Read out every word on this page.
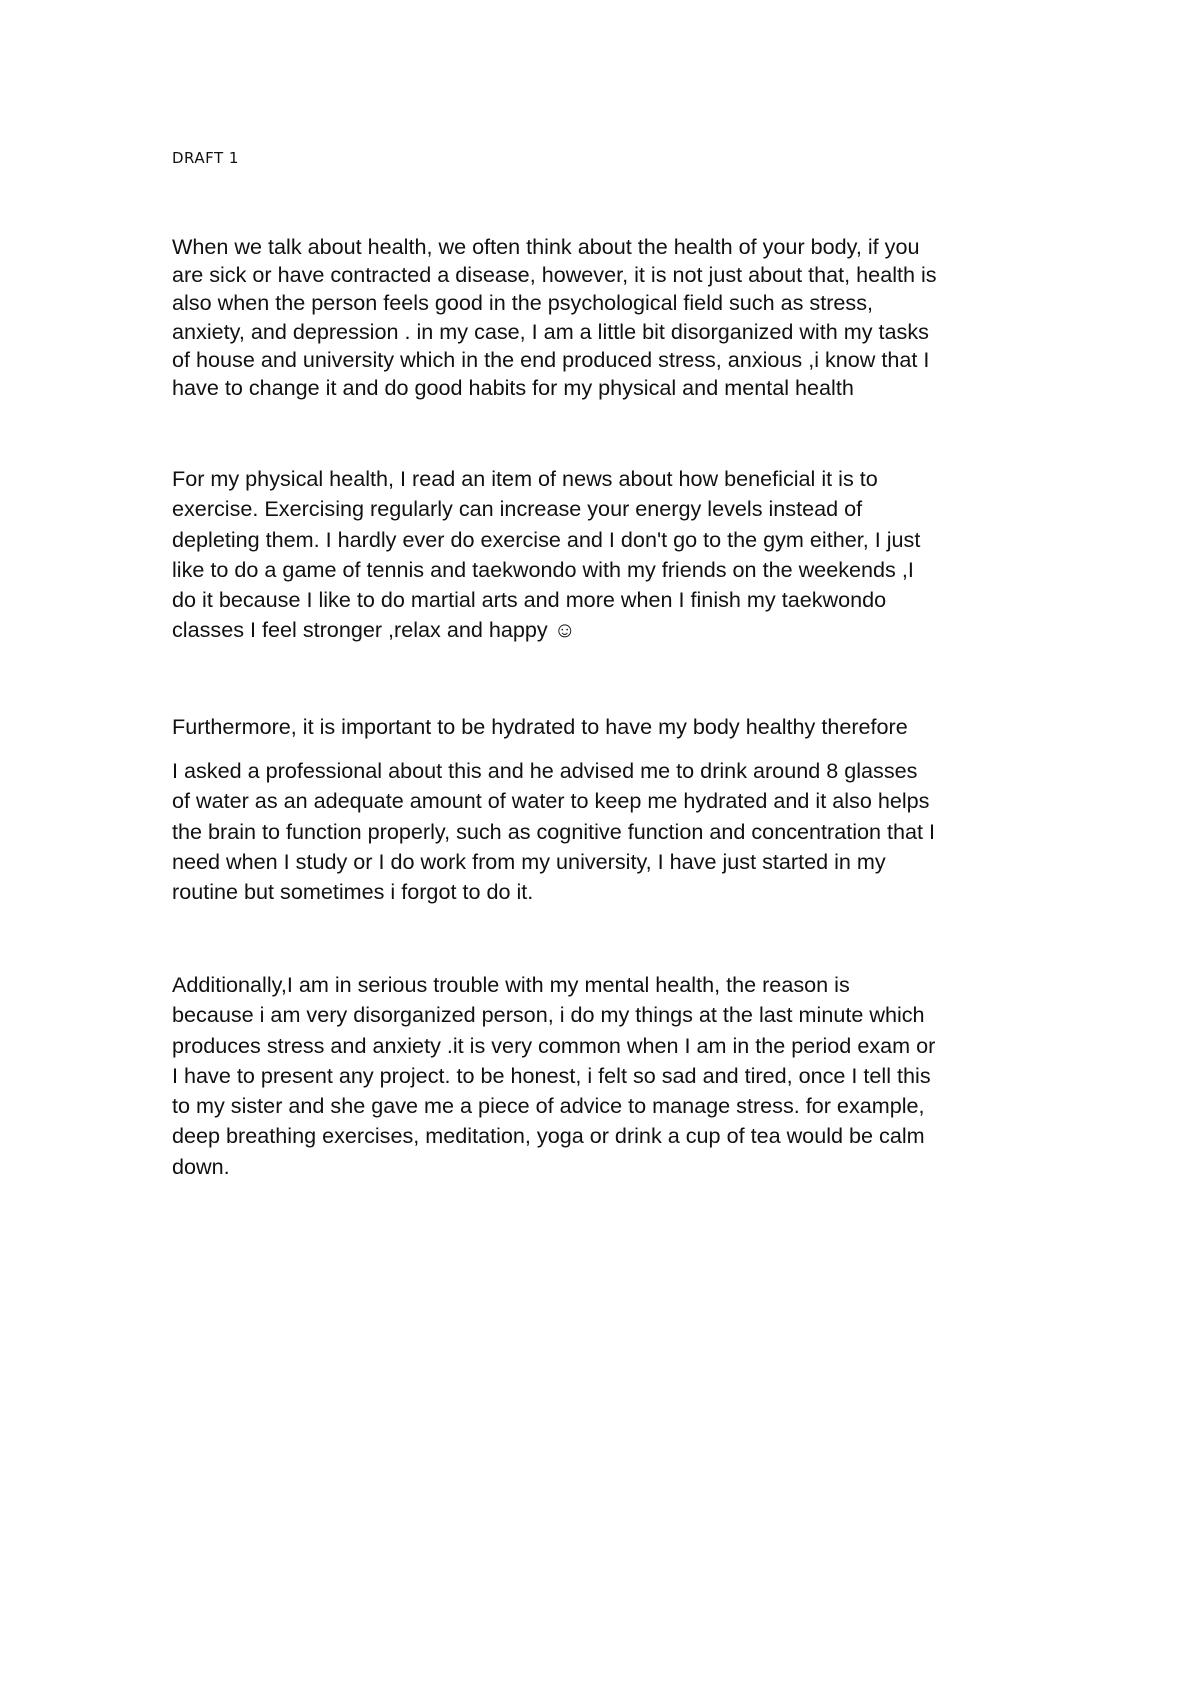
DRAFT 1

When we talk about health, we often think about the health of your body, if you
are sick or have contracted a disease, however, it is not just about that, health is
also when the person feels good in the psychological field such as stress,
anxiety, and depression . in my case, I am a little bit disorganized with my tasks
of house and university which in the end produced stress, anxious ,i know that I
have to change it and do good habits for my physical and mental health

For my physical health, I read an item of news about how beneficial it is to
exercise. Exercising regularly can increase your energy levels instead of
depleting them. I hardly ever do exercise and I don't go to the gym either, I just
like to do a game of tennis and taekwondo with my friends on the weekends ,I
do it because I like to do martial arts and more when I finish my taekwondo
classes I feel stronger ,relax and happy ☺

Furthermore, it is important to be hydrated to have my body healthy therefore

I asked a professional about this and he advised me to drink around 8 glasses
of water as an adequate amount of water to keep me hydrated and it also helps
the brain to function properly, such as cognitive function and concentration that I
need when I study or I do work from my university, I have just started in my
routine but sometimes i forgot to do it.

Additionally,I am in serious trouble with my mental health, the reason is
because i am very disorganized person, i do my things at the last minute which
produces stress and anxiety .it is very common when I am in the period exam or
I have to present any project. to be honest, i felt so sad and tired, once I tell this
to my sister and she gave me a piece of advice to manage stress. for example,
deep breathing exercises, meditation, yoga or drink a cup of tea would be calm
down.
